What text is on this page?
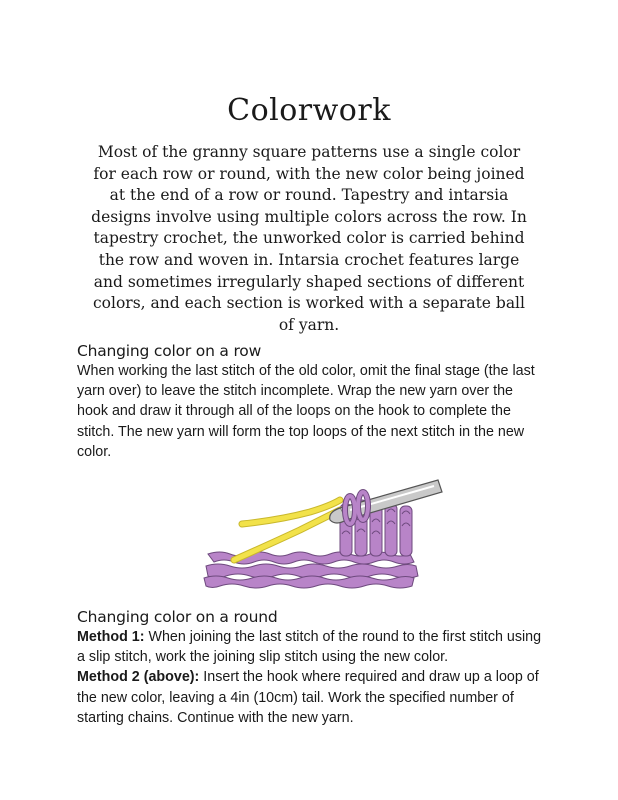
Colorwork
Most of the granny square patterns use a single color for each row or round, with the new color being joined at the end of a row or round. Tapestry and intarsia designs involve using multiple colors across the row. In tapestry crochet, the unworked color is carried behind the row and woven in. Intarsia crochet features large and sometimes irregularly shaped sections of different colors, and each section is worked with a separate ball of yarn.
Changing color on a row
When working the last stitch of the old color, omit the final stage (the last yarn over) to leave the stitch incomplete. Wrap the new yarn over the hook and draw it through all of the loops on the hook to complete the stitch. The new yarn will form the top loops of the next stitch in the new color.
Changing color on a round
Method 1: When joining the last stitch of the round to the first stitch using a slip stitch, work the joining slip stitch using the new color.
Method 2 (above): Insert the hook where required and draw up a loop of the new color, leaving a 4in (10cm) tail. Work the specified number of starting chains. Continue with the new yarn.
